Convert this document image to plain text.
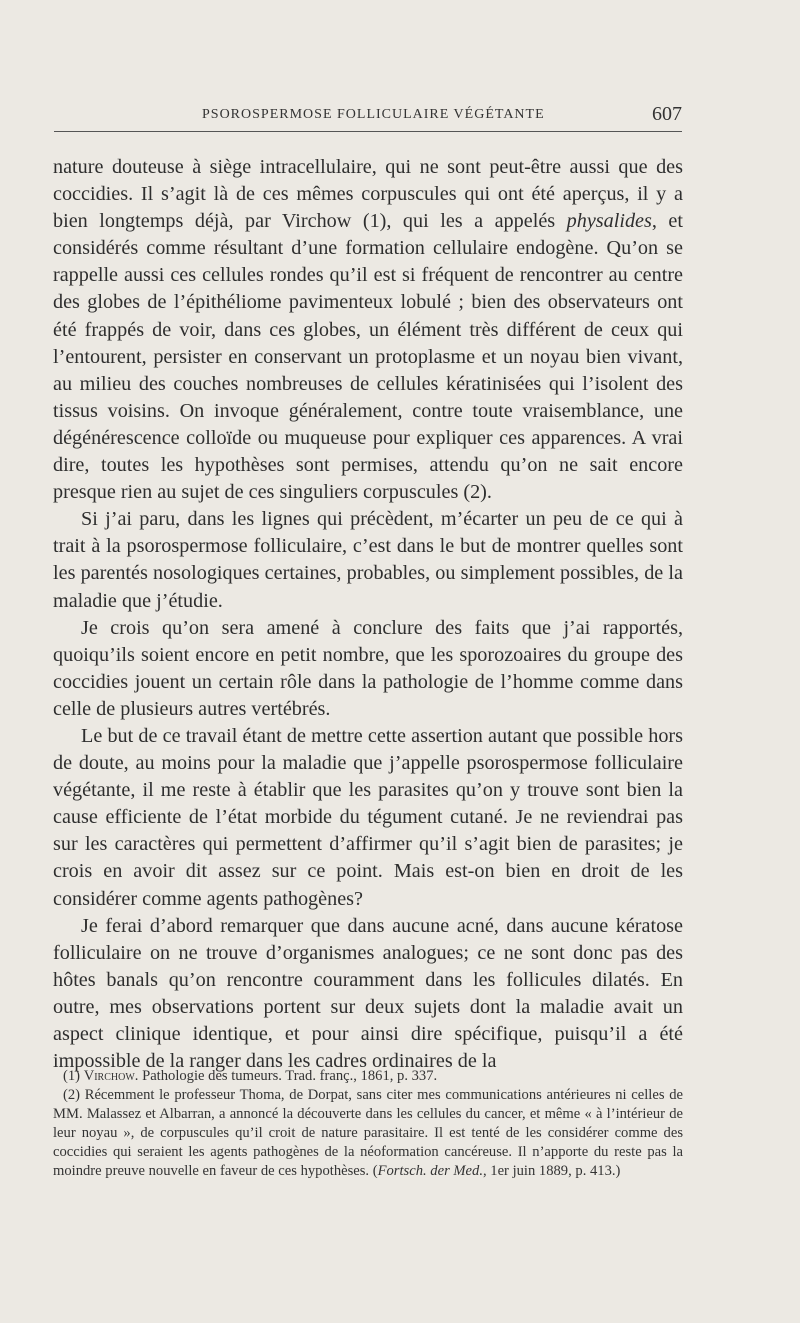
PSOROSPERMOSE FOLLICULAIRE VÉGÉTANTE	607

nature douteuse à siège intracellulaire, qui ne sont peut-être aussi que des coccidies. Il s’agit là de ces mêmes corpuscules qui ont été aperçus, il y a bien longtemps déjà, par Virchow (1), qui les a appelés physalides, et considérés comme résultant d’une formation cellulaire endogène. Qu’on se rappelle aussi ces cellules rondes qu’il est si fréquent de rencontrer au centre des globes de l’épithéliome pavimenteux lobulé ; bien des observateurs ont été frappés de voir, dans ces globes, un élément très différent de ceux qui l’entourent, persister en conservant un protoplasme et un noyau bien vivant, au milieu des couches nombreuses de cellules kératinisées qui l’isolent des tissus voisins. On invoque généralement, contre toute vraisemblance, une dégénérescence colloïde ou muqueuse pour expliquer ces apparences. A vrai dire, toutes les hypothèses sont permises, attendu qu’on ne sait encore presque rien au sujet de ces singuliers corpuscules (2).

Si j’ai paru, dans les lignes qui précèdent, m’écarter un peu de ce qui à trait à la psorospermose folliculaire, c’est dans le but de montrer quelles sont les parentés nosologiques certaines, probables, ou simplement possibles, de la maladie que j’étudie.

Je crois qu’on sera amené à conclure des faits que j’ai rapportés, quoiqu’ils soient encore en petit nombre, que les sporozoaires du groupe des coccidies jouent un certain rôle dans la pathologie de l’homme comme dans celle de plusieurs autres vertébrés.

Le but de ce travail étant de mettre cette assertion autant que possible hors de doute, au moins pour la maladie que j’appelle psorospermose folliculaire végétante, il me reste à établir que les parasites qu’on y trouve sont bien la cause efficiente de l’état morbide du tégument cutané. Je ne reviendrai pas sur les caractères qui permettent d’affirmer qu’il s’agit bien de parasites; je crois en avoir dit assez sur ce point. Mais est-on bien en droit de les considérer comme agents pathogènes?

Je ferai d’abord remarquer que dans aucune acné, dans aucune kératose folliculaire on ne trouve d’organismes analogues; ce ne sont donc pas des hôtes banals qu’on rencontre couramment dans les follicules dilatés. En outre, mes observations portent sur deux sujets dont la maladie avait un aspect clinique identique, et pour ainsi dire spécifique, puisqu’il a été impossible de la ranger dans les cadres ordinaires de la

(1) Virchow. Pathologie des tumeurs. Trad. franç., 1861, p. 337.

(2) Récemment le professeur Thoma, de Dorpat, sans citer mes communications antérieures ni celles de MM. Malassez et Albarran, a annoncé la découverte dans les cellules du cancer, et même « à l’intérieur de leur noyau », de corpuscules qu’il croit de nature parasitaire. Il est tenté de les considérer comme des coccidies qui seraient les agents pathogènes de la néoformation cancéreuse. Il n’apporte du reste pas la moindre preuve nouvelle en faveur de ces hypothèses. (Fortsch. der Med., 1er juin 1889, p. 413.)
